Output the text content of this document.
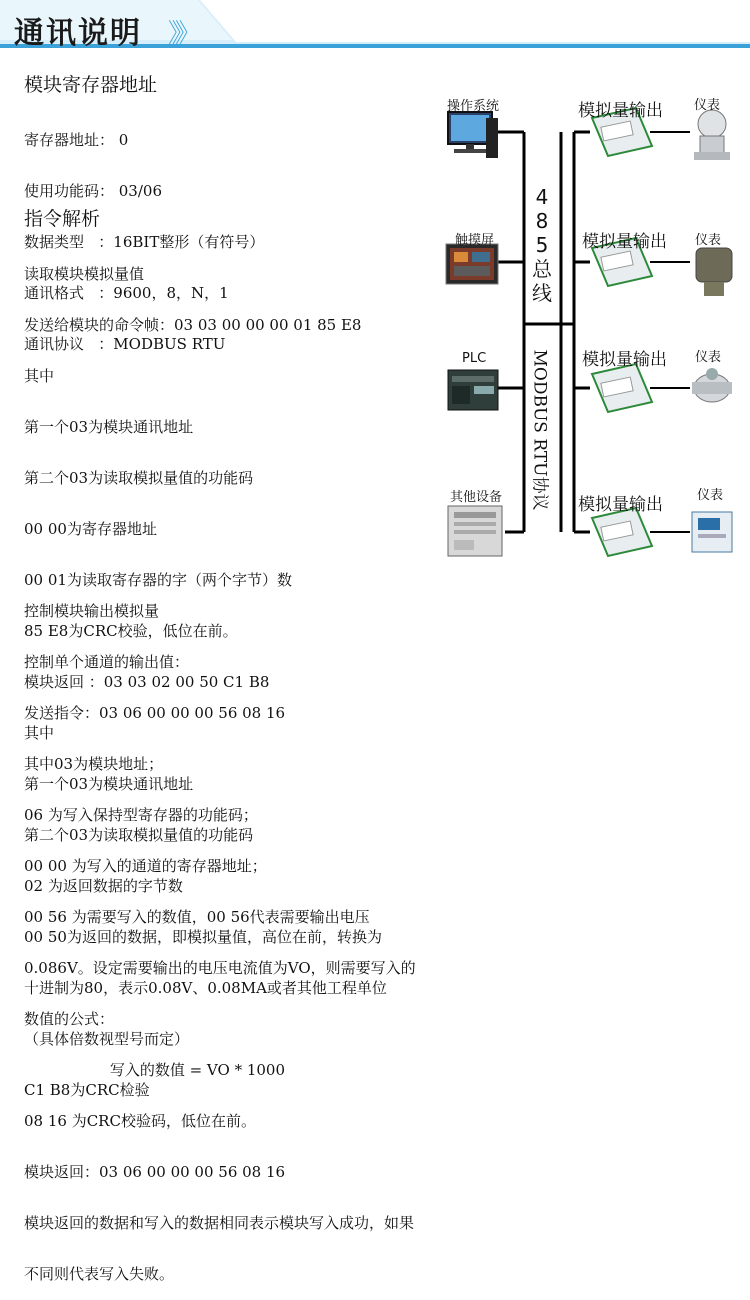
通讯说明 》》
模块寄存器地址

寄存器地址： 0

使用功能码： 03/06

数据类型   ：16BIT整形（有符号）

通讯格式   ：9600，8，N，1

通讯协议   ：MODBUS RTU

指令解析

读取模块模拟量值

发送给模块的命令帧：03 03 00 00 00 01 85 E8

其中

第一个03为模块通讯地址

第二个03为读取模拟量值的功能码

00 00为寄存器地址

00 01为读取寄存器的字（两个字节）数

85 E8为CRC校验，低位在前。

模块返回 ：03 03 02 00 50 C1 B8

其中

第一个03为模块通讯地址

第二个03为读取模拟量值的功能码

02 为返回数据的字节数

00 50为返回的数据，即模拟量值，高位在前，转换为

十进制为80，表示0.08V、0.08MA或者其他工程单位

（具体倍数视型号而定）

C1 B8为CRC检验

控制模块输出模拟量

控制单个通道的输出值：

发送指令：03 06 00 00 00 56 08 16

其中03为模块地址；

06 为写入保持型寄存器的功能码；

00 00 为写入的通道的寄存器地址；

00 56 为需要写入的数值，00 56代表需要输出电压

0.086V。设定需要输出的电压电流值为VO，则需要写入的

数值的公式：

写入的数值 = VO * 1000

08 16 为CRC校验码，低位在前。

模块返回：03 06 00 00 00 56 08 16

模块返回的数据和写入的数据相同表示模块写入成功，如果

不同则代表写入失败。

操作系统
触摸屏
PLC
其他设备
模拟量输出
模拟量输出
模拟量输出
模拟量输出
仪表
仪表
仪表
仪表
4
8
5
总
线
MODBUS RTU协议
